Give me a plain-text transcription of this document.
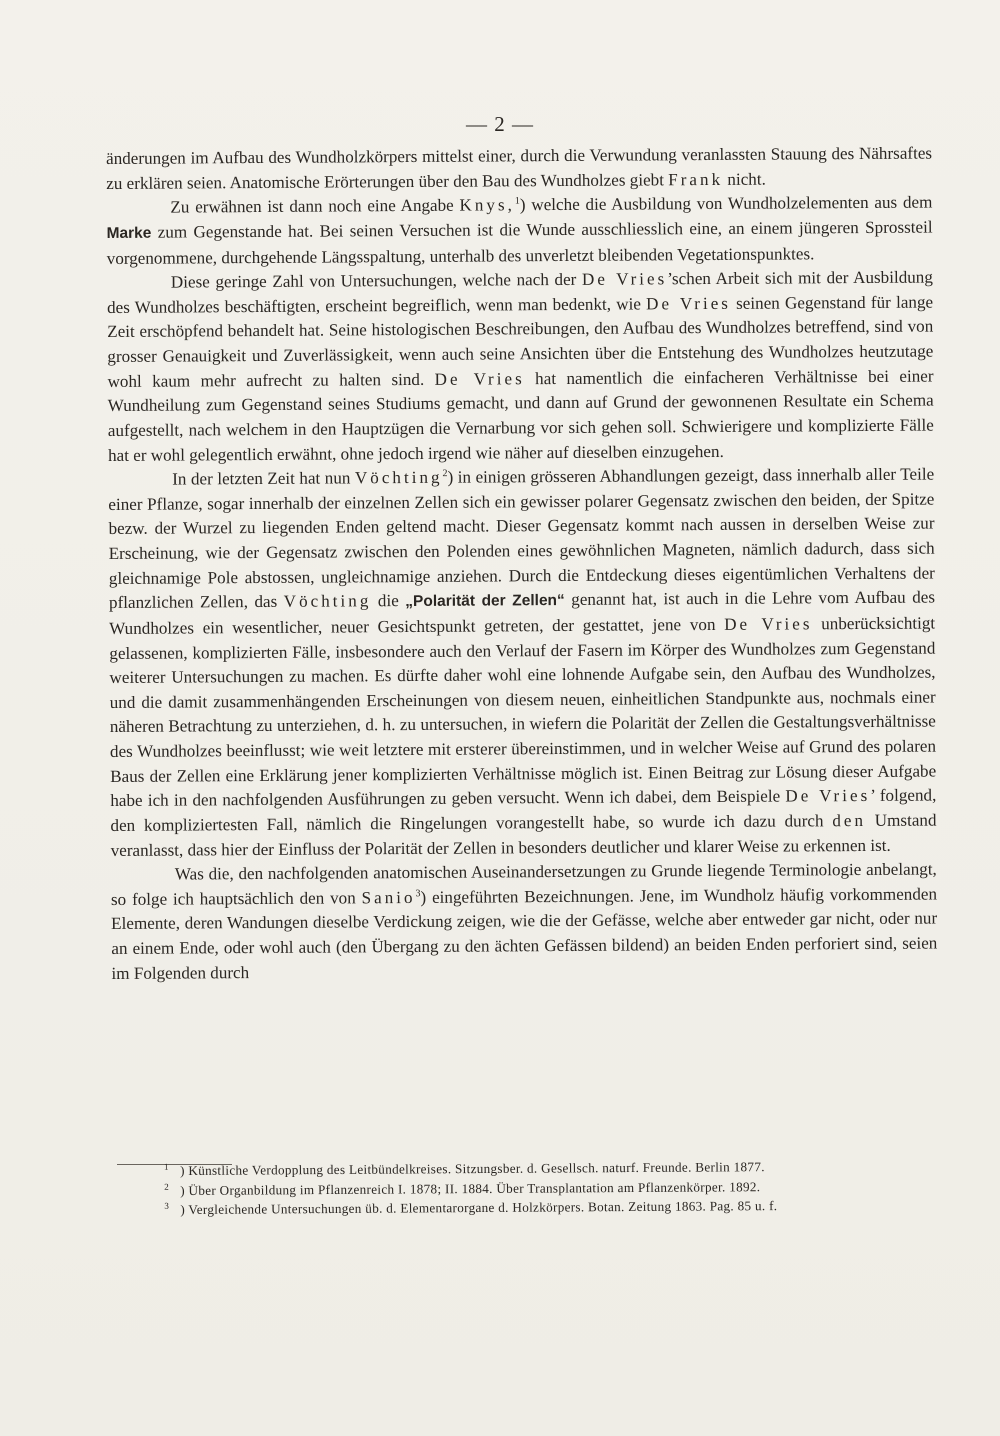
— 2 —

änderungen im Aufbau des Wundholzkörpers mittelst einer, durch die Verwundung veranlassten Stauung des Nährsaftes zu erklären seien. Anatomische Erörterungen über den Bau des Wundholzes giebt Frank nicht.

Zu erwähnen ist dann noch eine Angabe Knys,$^1$) welche die Ausbildung von Wundholzelementen aus dem Marke zum Gegenstande hat. Bei seinen Versuchen ist die Wunde ausschliesslich eine, an einem jüngeren Sprossteil vorgenommene, durchgehende Längsspaltung, unterhalb des unverletzt bleibenden Vegetationspunktes.

Diese geringe Zahl von Untersuchungen, welche nach der De Vries’schen Arbeit sich mit der Ausbildung des Wundholzes beschäftigten, erscheint begreiflich, wenn man bedenkt, wie De Vries seinen Gegenstand für lange Zeit erschöpfend behandelt hat. Seine histologischen Beschreibungen, den Aufbau des Wundholzes betreffend, sind von grosser Genauigkeit und Zuverlässigkeit, wenn auch seine Ansichten über die Entstehung des Wundholzes heutzutage wohl kaum mehr aufrecht zu halten sind. De Vries hat namentlich die einfacheren Verhältnisse bei einer Wundheilung zum Gegenstand seines Studiums gemacht, und dann auf Grund der gewonnenen Resultate ein Schema aufgestellt, nach welchem in den Hauptzügen die Vernarbung vor sich gehen soll. Schwierigere und komplizierte Fälle hat er wohl gelegentlich erwähnt, ohne jedoch irgend wie näher auf dieselben einzugehen.

In der letzten Zeit hat nun Vöchting$^2$) in einigen grösseren Abhandlungen gezeigt, dass innerhalb aller Teile einer Pflanze, sogar innerhalb der einzelnen Zellen sich ein gewisser polarer Gegensatz zwischen den beiden, der Spitze bezw. der Wurzel zu liegenden Enden geltend macht. Dieser Gegensatz kommt nach aussen in derselben Weise zur Erscheinung, wie der Gegensatz zwischen den Polenden eines gewöhnlichen Magneten, nämlich dadurch, dass sich gleichnamige Pole abstossen, ungleichnamige anziehen. Durch die Entdeckung dieses eigentümlichen Verhaltens der pflanzlichen Zellen, das Vöchting die „Polarität der Zellen“ genannt hat, ist auch in die Lehre vom Aufbau des Wundholzes ein wesentlicher, neuer Gesichtspunkt getreten, der gestattet, jene von De Vries unberücksichtigt gelassenen, komplizierten Fälle, insbesondere auch den Verlauf der Fasern im Körper des Wundholzes zum Gegenstand weiterer Untersuchungen zu machen. Es dürfte daher wohl eine lohnende Aufgabe sein, den Aufbau des Wundholzes, und die damit zusammenhängenden Erscheinungen von diesem neuen, einheitlichen Standpunkte aus, nochmals einer näheren Betrachtung zu unterziehen, d. h. zu untersuchen, in wiefern die Polarität der Zellen die Gestaltungsverhältnisse des Wundholzes beeinflusst; wie weit letztere mit ersterer übereinstimmen, und in welcher Weise auf Grund des polaren Baus der Zellen eine Erklärung jener komplizierten Verhältnisse möglich ist. Einen Beitrag zur Lösung dieser Aufgabe habe ich in den nachfolgenden Ausführungen zu geben versucht. Wenn ich dabei, dem Beispiele De Vries’ folgend, den kompliziertesten Fall, nämlich die Ringelungen vorangestellt habe, so wurde ich dazu durch den Umstand veranlasst, dass hier der Einfluss der Polarität der Zellen in besonders deutlicher und klarer Weise zu erkennen ist.

Was die, den nachfolgenden anatomischen Auseinandersetzungen zu Grunde liegende Terminologie anbelangt, so folge ich hauptsächlich den von Sanio$^3$) eingeführten Bezeichnungen. Jene, im Wundholz häufig vorkommenden Elemente, deren Wandungen dieselbe Verdickung zeigen, wie die der Gefässe, welche aber entweder gar nicht, oder nur an einem Ende, oder wohl auch (den Übergang zu den ächten Gefässen bildend) an beiden Enden perforiert sind, seien im Folgenden durch

$^1$ ) Künstliche Verdopplung des Leitbündelkreises. Sitzungsber. d. Gesellsch. naturf. Freunde. Berlin 1877.
$^2$ ) Über Organbildung im Pflanzenreich I. 1878; II. 1884. Über Transplantation am Pflanzenkörper. 1892.
$^3$ ) Vergleichende Untersuchungen üb. d. Elementarorgane d. Holzkörpers. Botan. Zeitung 1863. Pag. 85 u. f.
